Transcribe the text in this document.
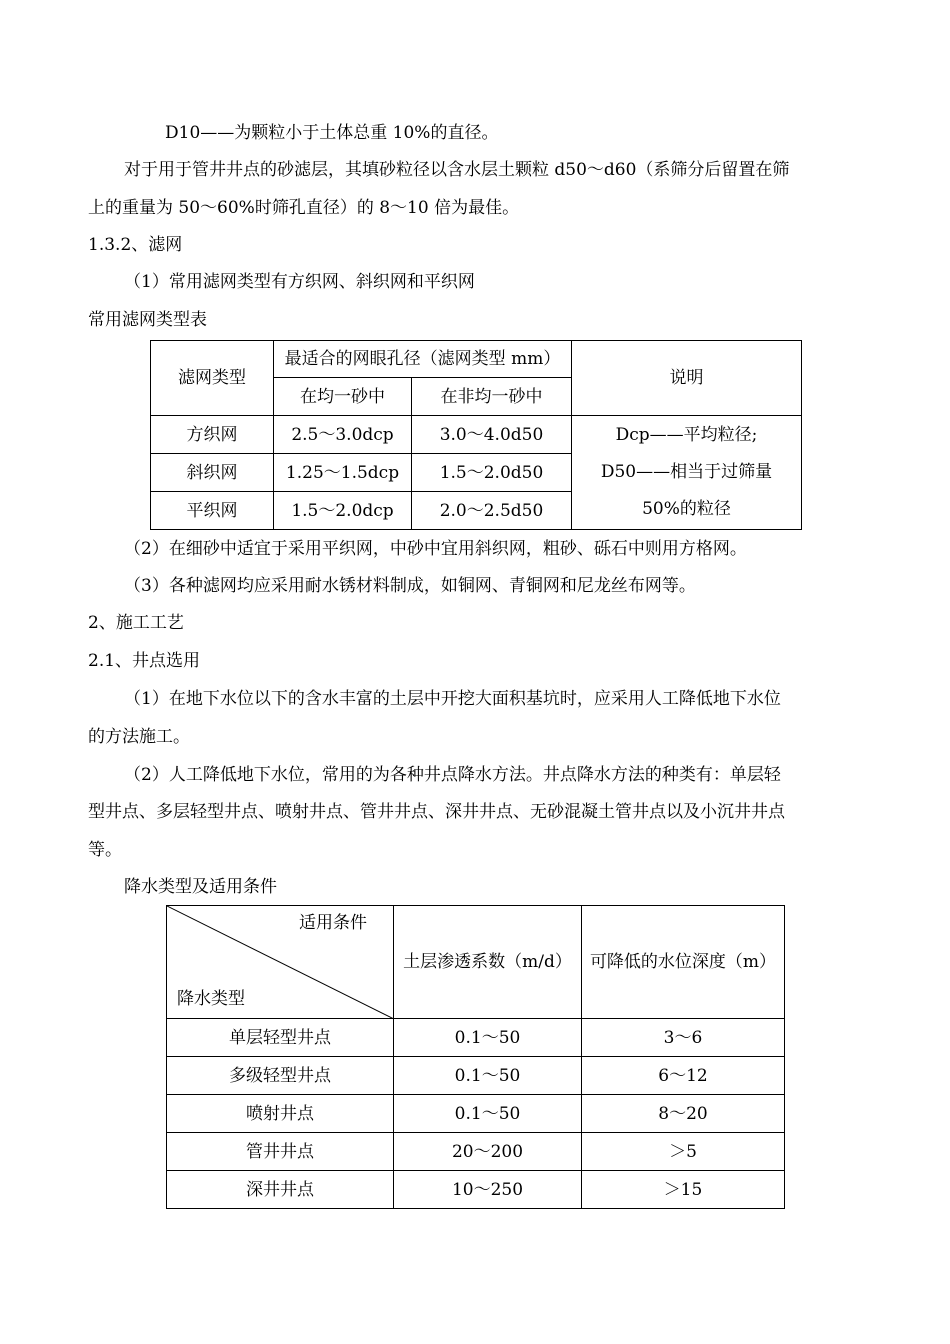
D10——为颗粒小于土体总重 10%的直径。
对于用于管井井点的砂滤层，其填砂粒径以含水层土颗粒 d50～d60（系筛分后留置在筛
上的重量为 50～60%时筛孔直径）的 8～10 倍为最佳。
1.3.2、滤网
（1）常用滤网类型有方织网、斜织网和平织网
常用滤网类型表
滤网类型	最适合的网眼孔径（滤网类型 mm）		说明
	在均一砂中	在非均一砂中	
方织网	2.5～3.0dcp	3.0～4.0d50	Dcp——平均粒径;
D50——相当于过筛量
50%的粒径

斜织网	1.25～1.5dcp	1.5～2.0d50	
平织网	1.5～2.0dcp	2.0～2.5d50	
（2）在细砂中适宜于采用平织网，中砂中宜用斜织网，粗砂、砾石中则用方格网。
（3）各种滤网均应采用耐水锈材料制成，如铜网、青铜网和尼龙丝布网等。
2、施工工艺
2.1、井点选用
（1）在地下水位以下的含水丰富的土层中开挖大面积基坑时，应采用人工降低地下水位
的方法施工。
（2）人工降低地下水位，常用的为各种井点降水方法。井点降水方法的种类有：单层轻
型井点、多层轻型井点、喷射井点、管井井点、深井井点、无砂混凝土管井点以及小沉井井点
等。
降水类型及适用条件
适用条件
降水类型	土层渗透系数（m/d）	可降低的水位深度（m）
单层轻型井点	0.1～50	3～6
多级轻型井点	0.1～50	6～12
喷射井点	0.1～50	8～20
管井井点	20～200	＞5
深井井点	10～250	＞15
